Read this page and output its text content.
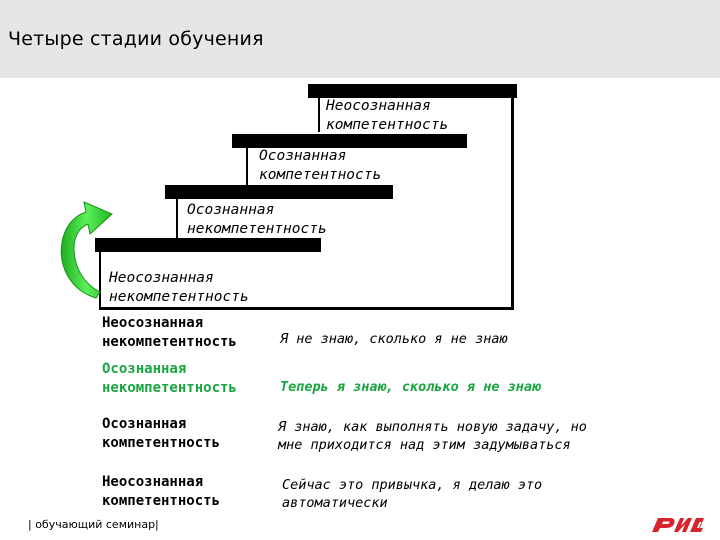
Четыре стадии обучения
Неосознанная
компетентность
Осознанная
компетентность
Осознанная
некомпетентность
Неосознанная
некомпетентность
Неосознанная
некомпетентность	Я не знаю, сколько я не знаю
Осознанная
некомпетентность	Теперь я знаю, сколько я не знаю
Осознанная
компетентность
Я знаю, как выполнять новую задачу, но
мне приходится над этим задумываться
Неосознанная
компетентность
Сейчас это привычка, я делаю это
автоматически
| обучающий семинар|
